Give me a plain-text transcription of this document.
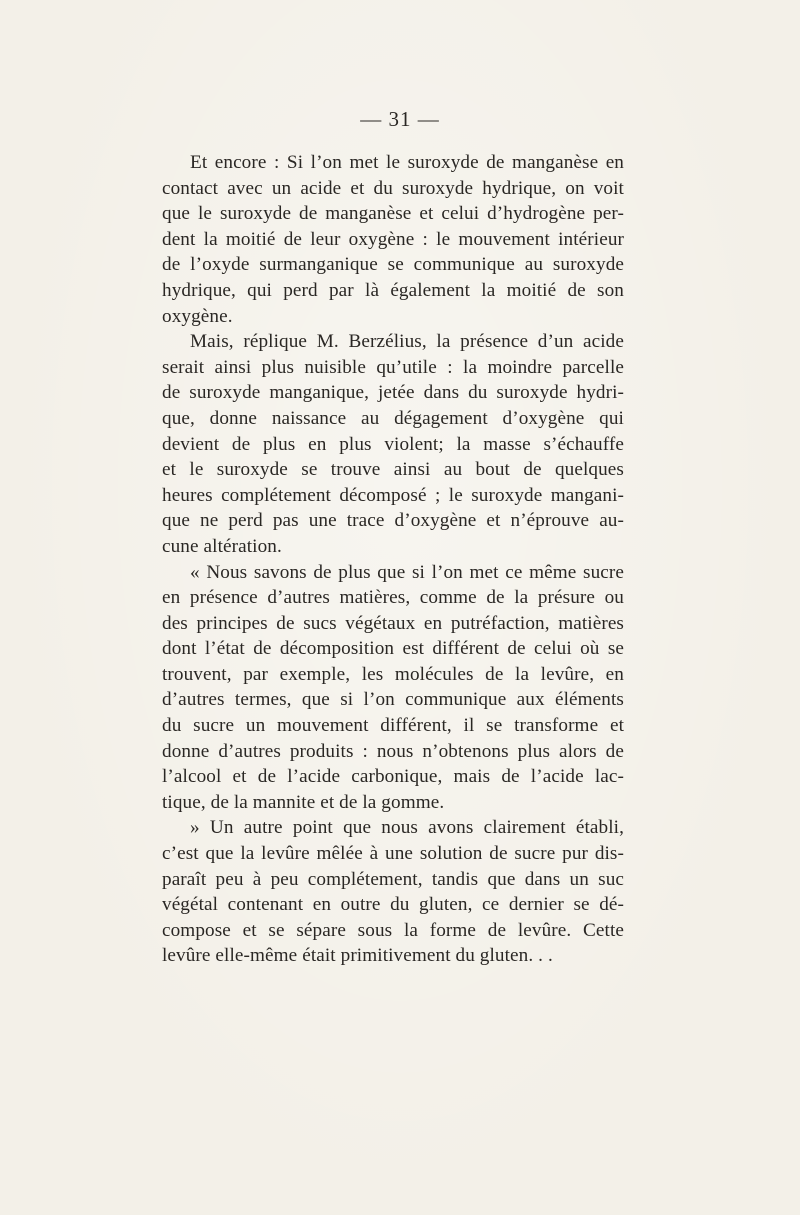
— 31 —
Et encore : Si l’on met le suroxyde de manganèse en
contact avec un acide et du suroxyde hydrique, on voit
que le suroxyde de manganèse et celui d’hydrogène per-
dent la moitié de leur oxygène : le mouvement intérieur
de l’oxyde surmanganique se communique au suroxyde
hydrique, qui perd par là également la moitié de son
oxygène.
Mais, réplique M. Berzélius, la présence d’un acide
serait ainsi plus nuisible qu’utile : la moindre parcelle
de suroxyde manganique, jetée dans du suroxyde hydri-
que, donne naissance au dégagement d’oxygène qui
devient de plus en plus violent; la masse s’échauffe
et le suroxyde se trouve ainsi au bout de quelques
heures complétement décomposé ; le suroxyde mangani-
que ne perd pas une trace d’oxygène et n’éprouve au-
cune altération.
« Nous savons de plus que si l’on met ce même sucre
en présence d’autres matières, comme de la présure ou
des principes de sucs végétaux en putréfaction, matières
dont l’état de décomposition est différent de celui où se
trouvent, par exemple, les molécules de la levûre, en
d’autres termes, que si l’on communique aux éléments
du sucre un mouvement différent, il se transforme et
donne d’autres produits : nous n’obtenons plus alors de
l’alcool et de l’acide carbonique, mais de l’acide lac-
tique, de la mannite et de la gomme.
» Un autre point que nous avons clairement établi,
c’est que la levûre mêlée à une solution de sucre pur dis-
paraît peu à peu complétement, tandis que dans un suc
végétal contenant en outre du gluten, ce dernier se dé-
compose et se sépare sous la forme de levûre. Cette
levûre elle-même était primitivement du gluten. . .
